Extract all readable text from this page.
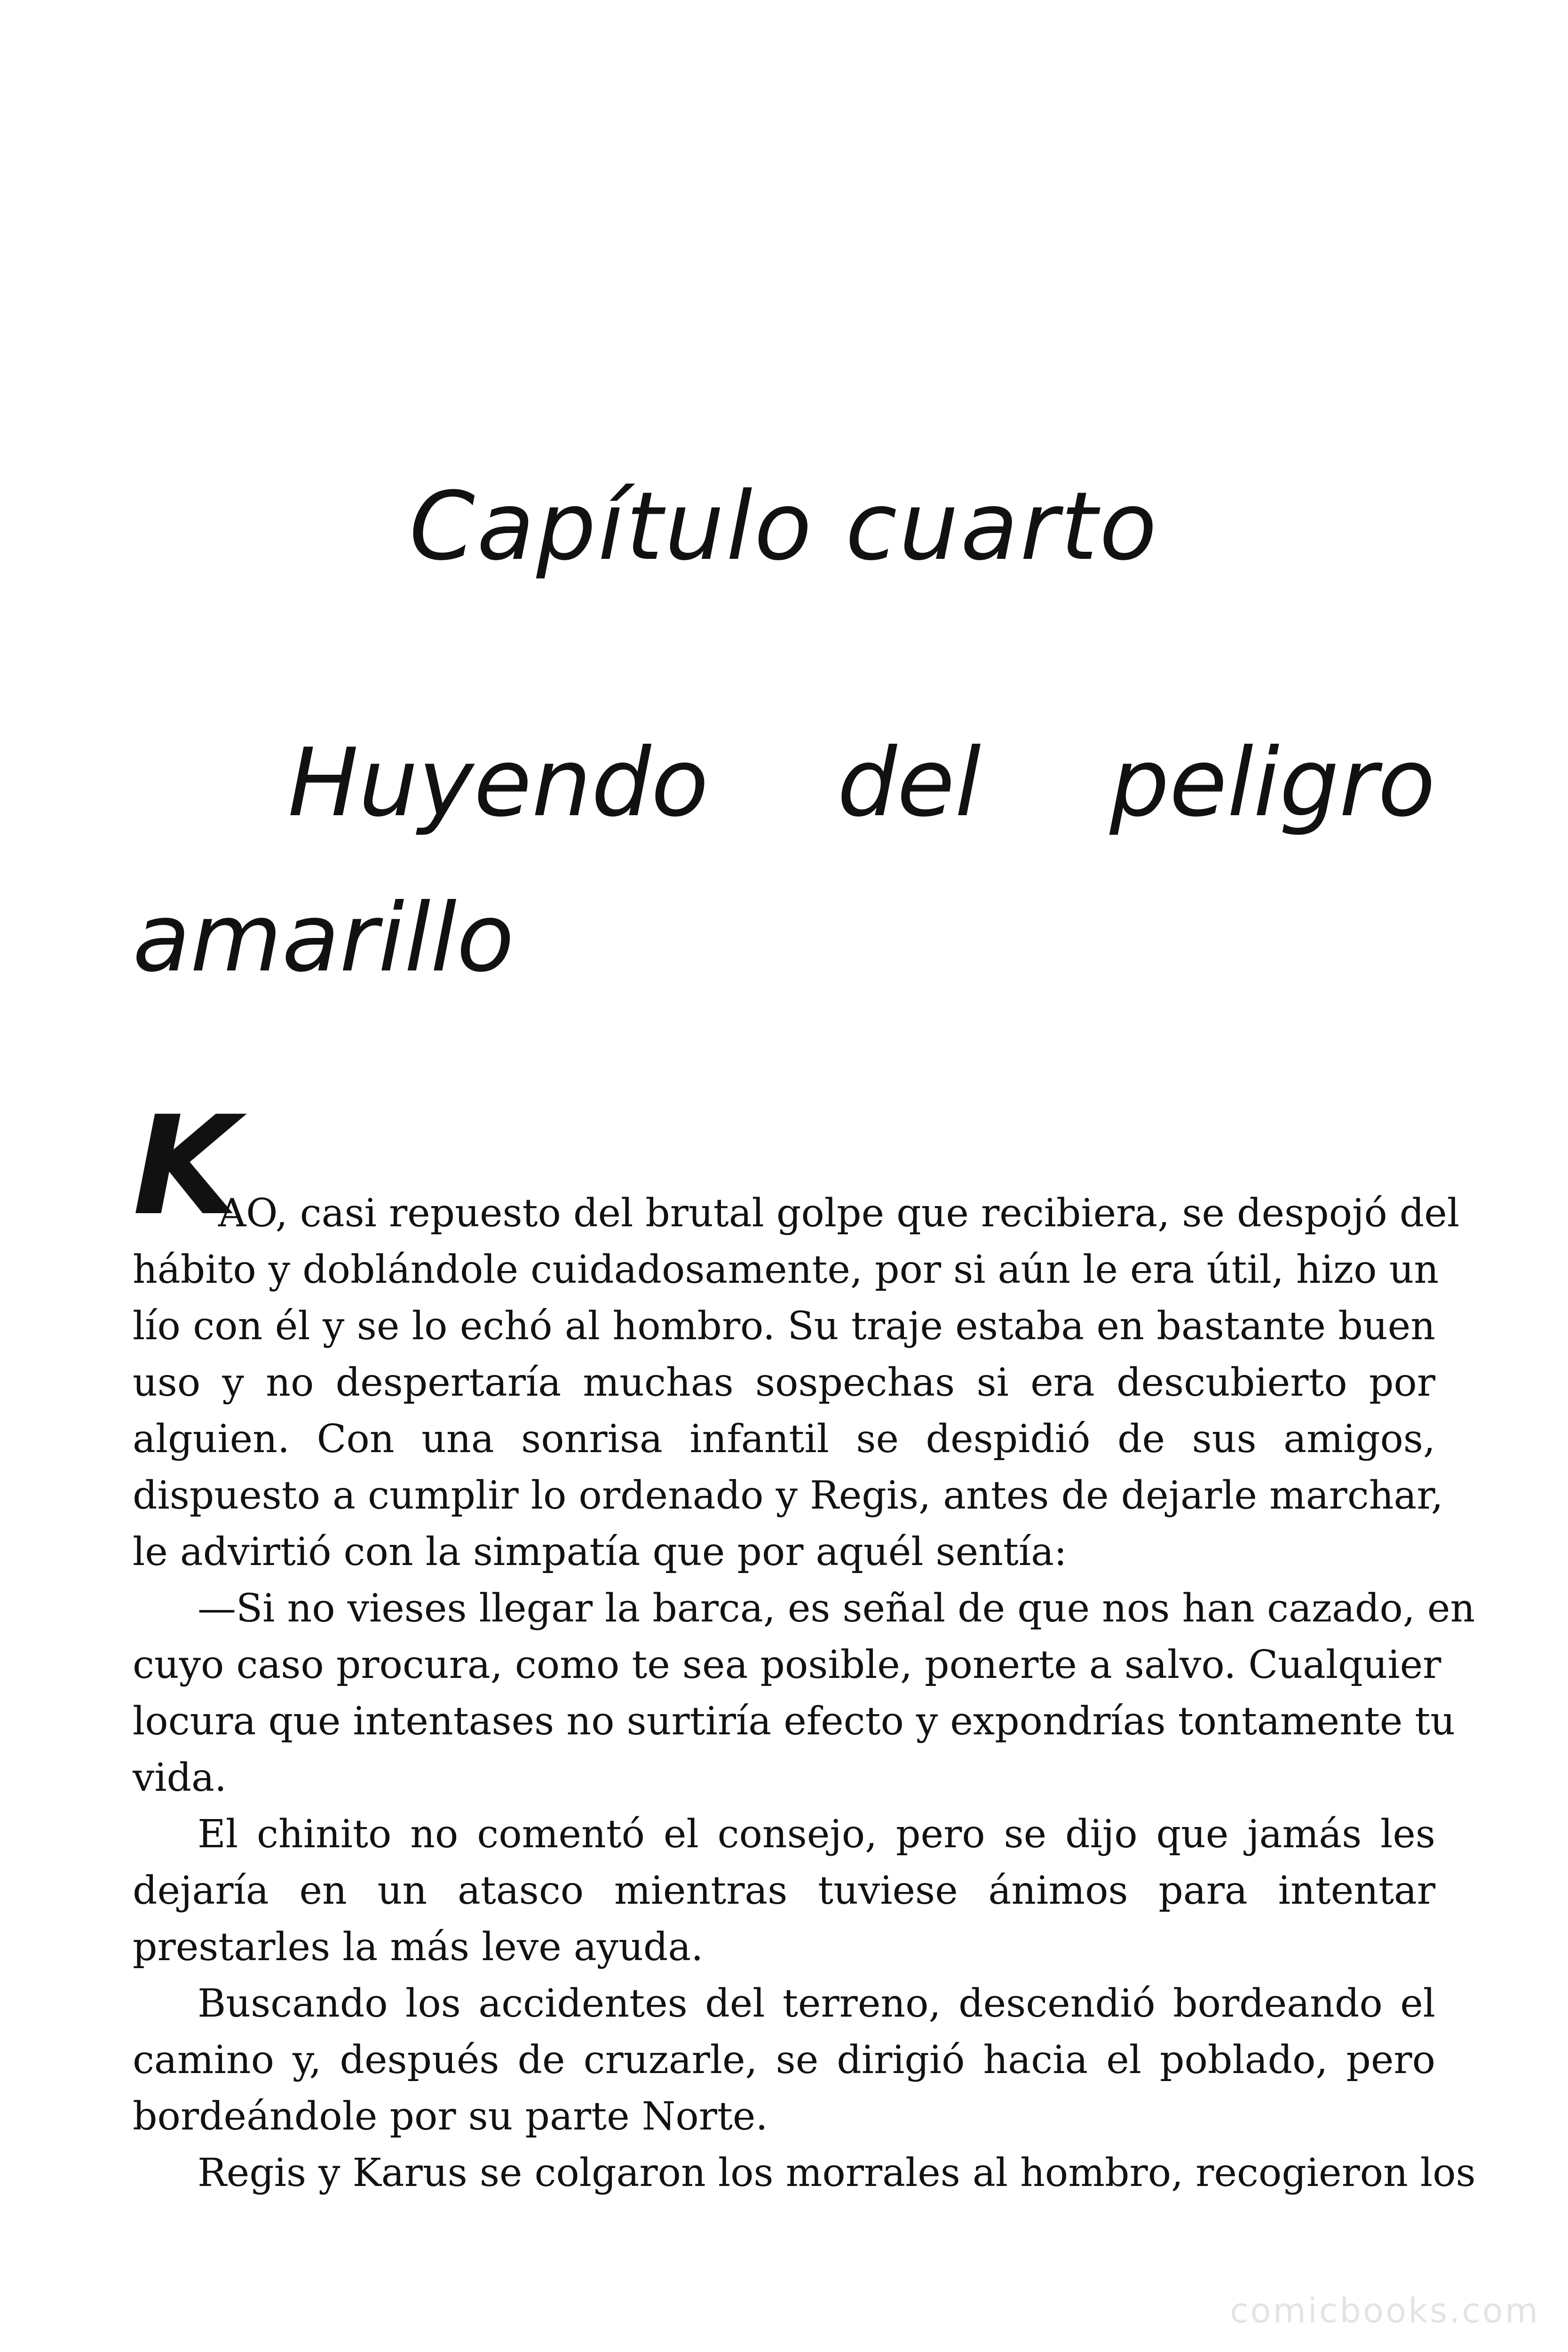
Capítulo cuarto
Huyendo del peligro amarillo
K
AO, casi repuesto del brutal golpe que recibiera, se despojó del
hábito y doblándole cuidadosamente, por si aún le era útil, hizo un
lío con él y se lo echó al hombro. Su traje estaba en bastante buen
uso y no despertaría muchas sospechas si era descubierto por
alguien. Con una sonrisa infantil se despidió de sus amigos,
dispuesto a cumplir lo ordenado y Regis, antes de dejarle marchar,
le advirtió con la simpatía que por aquél sentía:
—Si no vieses llegar la barca, es señal de que nos han cazado, en
cuyo caso procura, como te sea posible, ponerte a salvo. Cualquier
locura que intentases no surtiría efecto y expondrías tontamente tu
vida.
El chinito no comentó el consejo, pero se dijo que jamás les
dejaría en un atasco mientras tuviese ánimos para intentar
prestarles la más leve ayuda.
Buscando los accidentes del terreno, descendió bordeando el
camino y, después de cruzarle, se dirigió hacia el poblado, pero
bordeándole por su parte Norte.
Regis y Karus se colgaron los morrales al hombro, recogieron los
comicbooks.com
